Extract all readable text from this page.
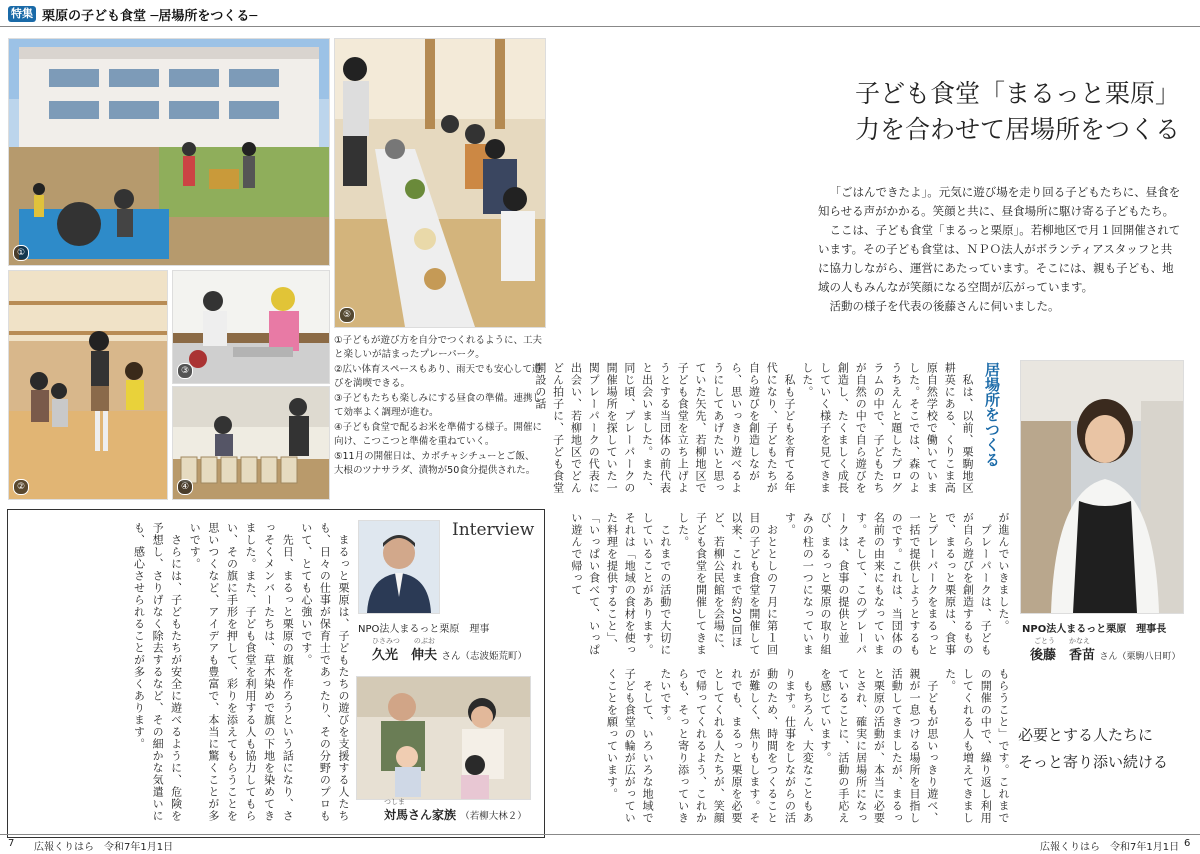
特集 栗原の子ども食堂 ─居場所をつくる─
①
⑤
②
③
④
①子どもが遊び方を自分でつくれるように、工夫と楽しいが詰まったプレーパーク。
②広い体育スペースもあり、雨天でも安心して遊びを満喫できる。
③子どもたちも楽しみにする昼食の準備。連携して効率よく調理が進む。
④子ども食堂で配るお米を準備する様子。開催に向け、こつこつと準備を重ねていく。
⑤11月の開催日は、カボチャシチューとご飯、大根のツナサラダ、漬物が50食分提供された。
Interview
　まるっと栗原は、子どもたちの遊びを支援する人たちも、日々の仕事が保育士であったり、その分野のプロもいて、とても心強いです。
　先日、まるっと栗原の旗を作ろうという話になり、さっそくメンバーたちは、草木染めで旗の下地を染めてきました。また、子ども食堂を利用する人も協力してもらい、その旗に手形を押して、彩りを添えてもらうことを思いつくなど、アイデアも豊富で、本当に驚くことが多いです。
　さらには、子どもたちが安全に遊べるように、危険を予想し、さりげなく除去するなど、その細かな気遣いにも、感心させられることが多くあります。	NPO法人まるっと栗原　理事
ひさみつ　　のぶお
久光　伸夫 さん（志波姫荒町）
つしま
対馬さん家族 （若柳大林２）
子ども食堂「まるっと栗原」
力を合わせて居場所をつくる

「ごはんできたよ」。元気に遊び場を走り回る子どもたちに、昼食を知らせる声がかかる。笑顔と共に、昼食場所に駆け寄る子どもたち。

ここは、子ども食堂「まるっと栗原」。若柳地区で月１回開催されています。その子ども食堂は、ＮＰＯ法人がボランティアスタッフと共に協力しながら、運営にあたっています。そこには、親も子ども、地域の人もみんなが笑顔になる空間が広がっています。

活動の様子を代表の後藤さんに伺いました。

居場所をつくる
　私は、以前、栗駒地区耕英にある、くりこま高原自然学校で働いていました。そこでは、森のようちえんと題したプログラムの中で、子どもたちが自然の中で自ら遊びを創造し、たくましく成長していく様子を見てきました。
　私も子どもを育てる年代になり、子どもたちが自ら遊びを創造しながら、思いっきり遊べるようにしてあげたいと思っていた矢先、若柳地区で子ども食堂を立ち上げようとする当団体の前代表と出会いました。また、同じ頃、プレーパークの開催場所を探していた一関プレーパークの代表に出会い、若柳地区でどんどん拍子に、子ども食堂開設の話
が進んでいきました。
　プレーパークは、子どもが自ら遊びを創造するもので、まるっと栗原は、食事とプレーパークをまるっと一括で提供しようとするものです。これは、当団体の名前の由来にもなっています。そして、このプレーパークは、食事の提供と並び、まるっと栗原の取り組みの柱の一つになっています。
　おととしの７月に第１回目の子ども食堂を開催して以来、これまで約20回ほど、若柳公民館を会場に、子ども食堂を開催してきました。
　これまでの活動で大切にしていることがあります。それは「地域の食材を使った料理を提供すること」、「いっぱい食べて、いっぱい遊んで帰って
もらうこと」です。これまでの開催の中で、繰り返し利用してくれる人も増えてきました。
　子どもが思いっきり遊べ、親が一息つける場所を目指し活動してきましたが、まるっと栗原の活動が、本当に必要とされ、確実に居場所になっていることに、活動の手応えを感じています。
　もちろん、大変なこともあります。仕事をしながらの活動のため、時間をつくることが難しく、焦りもします。それでも、まるっと栗原を必要としてくれる人たちが、笑顔で帰ってくれるよう、これからも、そっと寄り添っていきたいです。
　そして、いろいろな地域で子ども食堂の輪が広がっていくことを願っています。
NPO法人まるっと栗原　理事長
ごとう　　かなえ
後藤　香苗 さん（栗駒八日町）
必要とする人たちに
そっと寄り添い続ける
7 広報くりはら　令和7年1月1日	広報くりはら　令和7年1月1日 6
